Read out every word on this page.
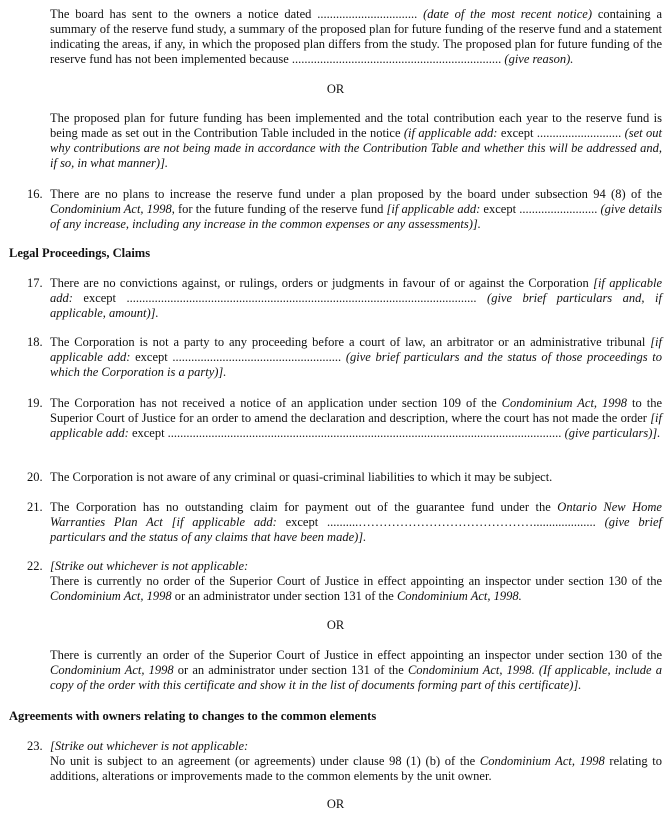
The board has sent to the owners a notice dated ................................ (date of the most recent notice) containing a summary of the reserve fund study, a summary of the proposed plan for future funding of the reserve fund and a statement indicating the areas, if any, in which the proposed plan differs from the study. The proposed plan for future funding of the reserve fund has not been implemented because ................................................................... (give reason).
OR
The proposed plan for future funding has been implemented and the total contribution each year to the reserve fund is being made as set out in the Contribution Table included in the notice (if applicable add: except ........................... (set out why contributions are not being made in accordance with the Contribution Table and whether this will be addressed and, if so, in what manner)].
16. There are no plans to increase the reserve fund under a plan proposed by the board under subsection 94 (8) of the Condominium Act, 1998, for the future funding of the reserve fund [if applicable add: except ......................... (give details of any increase, including any increase in the common expenses or any assessments)].
Legal Proceedings, Claims
17. There are no convictions against, or rulings, orders or judgments in favour of or against the Corporation [if applicable add: except ................................................................................................................ (give brief particulars and, if applicable, amount)].
18. The Corporation is not a party to any proceeding before a court of law, an arbitrator or an administrative tribunal [if applicable add: except ...................................................... (give brief particulars and the status of those proceedings to which the Corporation is a party)].
19. The Corporation has not received a notice of an application under section 109 of the Condominium Act, 1998 to the Superior Court of Justice for an order to amend the declaration and description, where the court has not made the order [if applicable add: except .............................................................................................................................. (give particulars)].
20. The Corporation is not aware of any criminal or quasi-criminal liabilities to which it may be subject.
21. The Corporation has no outstanding claim for payment out of the guarantee fund under the Ontario New Home Warranties Plan Act [if applicable add: except ..........…………………………………….................... (give brief particulars and the status of any claims that have been made)].
22. [Strike out whichever is not applicable:
There is currently no order of the Superior Court of Justice in effect appointing an inspector under section 130 of the Condominium Act, 1998 or an administrator under section 131 of the Condominium Act, 1998.
OR
There is currently an order of the Superior Court of Justice in effect appointing an inspector under section 130 of the Condominium Act, 1998 or an administrator under section 131 of the Condominium Act, 1998. (If applicable, include a copy of the order with this certificate and show it in the list of documents forming part of this certificate)].
Agreements with owners relating to changes to the common elements
23. [Strike out whichever is not applicable:
No unit is subject to an agreement (or agreements) under clause 98 (1) (b) of the Condominium Act, 1998 relating to additions, alterations or improvements made to the common elements by the unit owner.
OR
